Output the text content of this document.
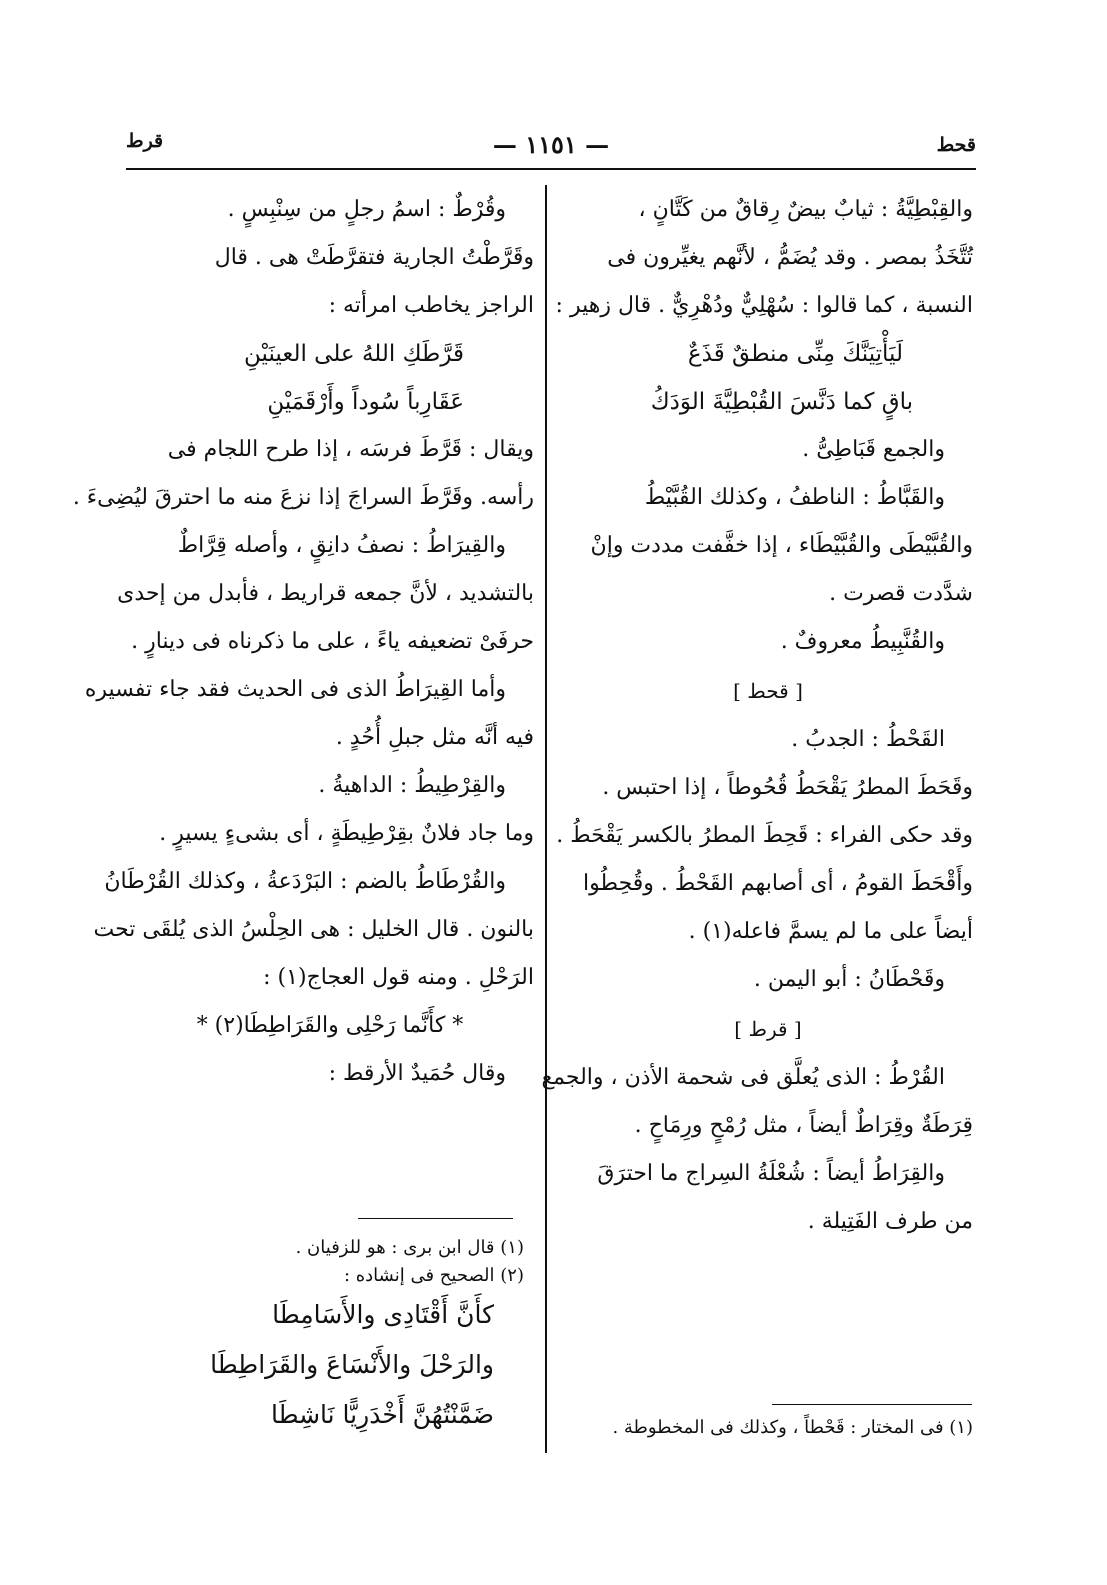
قحط
— ١١٥١ —
قرط
والقِبْطِيَّةُ : ثيابٌ بيضٌ رِقاقٌ من كَتَّانٍ ،
تُتَّخَذُ بمصر . وقد يُضَمُّ ، لأنَّهم يغيِّرون فى
النسبة ، كما قالوا : سُهْلِيٌّ ودُهْرِيٌّ . قال زهير :
لَيَأْتِيَنَّكَ مِنِّى منطقٌ قَذَعٌ
باقٍ كما دَنَّسَ القُبْطِيَّةَ الوَدَكُ
والجمع قَبَاطِىُّ .
والقَبَّاطُ : الناطفُ ، وكذلك القُبَّيْطُ
والقُبَّيْطَى والقُبَّيْطَاء ، إذا خفَّفت مددت وإنْ
شدَّدت قصرت .
والقُنَّبِيطُ معروفٌ .
[ قحط ]
القَحْطُ : الجدبُ .
وقَحَطَ المطرُ يَقْحَطُ قُحُوطاً ، إذا احتبس .
وقد حكى الفراء : قَحِطَ المطرُ بالكسر يَقْحَطُ .
وأَقْحَطَ القومُ ، أى أصابهم القَحْطُ . وقُحِطُوا
أيضاً على ما لم يسمَّ فاعله(١) .
وقَحْطَانُ : أبو اليمن .
[ قرط ]
القُرْطُ : الذى يُعلَّق فى شحمة الأذن ، والجمع
قِرَطَةٌ وقِرَاطٌ أيضاً ، مثل رُمْحٍ ورِمَاحٍ .
والقِرَاطُ أيضاً : شُعْلَةُ السِراج ما احترَقَ
من طرف الفَتِيلة .
(١) فى المختار : قَحْطاً ، وكذلك فى المخطوطة .
وقُرْطٌ : اسمُ رجلٍ من سِنْبِسٍ .
وقَرَّطْتُ الجارية فتقرَّطَتْ هى . قال
الراجز يخاطب امرأته :
قَرَّطَكِ اللهُ على العينَيْنِ
عَقَارِباً سُوداً وأَرْقَمَيْنِ
ويقال : قَرَّطَ فرسَه ، إذا طرح اللجام فى
رأسه. وقَرَّطَ السراجَ إذا نزعَ منه ما احترقَ ليُضِىءَ .
والقِيرَاطُ : نصفُ دانِقٍ ، وأصله قِرَّاطٌ
بالتشديد ، لأنَّ جمعه قراريط ، فأبدل من إحدى
حرفَىْ تضعيفه ياءً ، على ما ذكرناه فى دينارٍ .
وأما القِيرَاطُ الذى فى الحديث فقد جاء تفسيره
فيه أنَّه مثل جبلِ أُحُدٍ .
والقِرْطِيطُ : الداهيةُ .
وما جاد فلانٌ بقِرْطِيطَةٍ ، أى بشىءٍ يسيرٍ .
والقُرْطَاطُ بالضم : البَرْدَعةُ ، وكذلك القُرْطَانُ
بالنون . قال الخليل : هى الحِلْسُ الذى يُلقَى تحت
الرَحْلِ . ومنه قول العجاج(١) :
* كأَنَّما رَحْلِى والقَرَاطِطَا(٢) *
وقال حُمَيدٌ الأرقط :
(١) قال ابن برى : هو للزفيان .
(٢) الصحيح فى إنشاده :
كأَنَّ أَقْتَادِى والأَسَامِطَا
والرَحْلَ والأَنْسَاعَ والقَرَاطِطَا
ضَمَّنْتُهُنَّ أَخْدَرِيًّا نَاشِطَا
